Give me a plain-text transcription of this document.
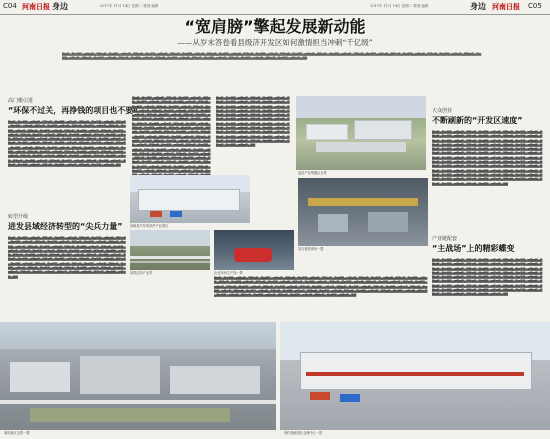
C04 河南日报 身边	2017年 11月 14日 星期二 策划 编辑	2017年 11月 14日 星期二 策划 编辑	身边 河南日报 C05
“宽肩膀”擎起发展新动能
——从岁末答卷看县级济开发区如何激情担当冲刺“千亿级”
▇▆▇▅▇▆▇▇▅▆▇▆▇▅▇▇▆▇▅▇▆▇▇▅▆▇▆▇▅▇▇▆▇▅▇▆▇▇▅▆▇▆▇▅▇▇▆▇▅▇▆▇▇▅▆▇▆▇▅▇▇▆▇▅▇▆▇▇▅▆▇▆▇▅▇▇▆▇▅▇▆▇▇▅▆▇▆▇▅▇▇▆▇▅▇▆▇▇▅▆▇▆▇▅▇▇▆▇▅▇▆▇▇▅▆▇▆▇▅▇▇▆▇▅▇▆▇▇▅▆▇▆▇▅▇▇▆▇▅▇▆▇▇▅▆▇▆▇▅▇▇▆▇▅▇▆▇▇▅▆▇▆▇▅▇▇▆▇▅▇▆▇▇▅▆▇▆▇▅▇▇▆▇▅▇▆▇▇▅▆▇▆▇▅▇▇▆▇▅▇▆▇▇▅▆▇▆▇▅▇▇▆▇▅▇▆▇▇▅▆▇▆▇▅▇▇▆▇▅▇▆▇▇▅▆▇▆▇▅▇▇▆▇▅▇▆▇▇▅▆▇▆▇▅▇▇▆▇▅▇▆▇▇▅▆▇▆▇▅▇▇
高门槛引进
“环保不过关，再挣钱的项目也不要”
▇▆▇▅▇▆▇▇▅▆▇▆▇▅▇▇▆▇▅▇▆▇▇▅▆▇▆▇▅▇▇▆▇▅▇▆▇▇▅▆▇▆▇▅▇▇▆▇▅▇▆▇▇▅▆▇▆▇▅▇▇▆▇▅▇▆▇▇▅▆▇▆▇▅▇▇▆▇▅▇▆▇▇▅▆▇▆▇▅▇▇▆▇▅▇▆▇▇▅▆▇▆▇▅▇▇▆▇▅▇▆▇▇▅▆▇▆▇▅▇▇▆▇▅▇▆▇▇▅▆▇▆▇▅▇▇▆▇▅▇▆▇▇▅▆▇▆▇▅▇▇▆▇▅▇▆▇▇▅▆▇▆▇▅▇▇▆▇▅▇▆▇▇▅▆▇▆▇▅▇▇▆▇▅▇▆▇▇▅▆▇▆▇▅▇▇▆▇▅▇▆▇▇▅▆▇▆▇▅▇▇▆▇▅▇▆▇▇▅▆▇▆▇▅▇▇▆▇▅▇▆▇▇▅▆▇▆▇▅▇▇▆▇▅▇▆▇▇▅▆▇▆▇▅▇▇▆▇▅▇▆▇▇▅▆▇▆▇▅▇▇▆▇▅▇▆▇▇▅▆▇▆▇▅▇▇▆▇▅▇▆▇▇▅▆▇▆▇▅▇▇▆▇▅▇▆▇▇▅▆▇▆▇▅▇▇▆▇▅▇▆▇▇▅▆▇▆▇▅▇▇▆▇▅▇▆▇▇▅▆▇▆▇▅▇▇▆▇▅▇▆▇▇▅▆▇▆▇▅▇▇▆▇▅▇▆▇▇▅▆▇▆▇▅▇▇▆▇▅▇▆▇▇▅▆▇▆▇▅▇▇▆▇▅▇▆▇▇▅▆▇▆▇▅▇▇▆▇▅▇▆▇▇▅▆▇▆▇▅▇▇▆▇▅▇▆▇▇▅▆▇▆▇▅▇▇▆▇▅▇▆▇▇▅▆▇▆▇▅▇▇▆▇▅▇▆▇▇▅▆▇▆▇▅▇▇▆▇▅▇▆▇▇▅▆▇▆▇▅▇▇▆▇▅▇▆▇▇▅▆▇▆▇▅▇▇▆▇▅▇▆▇▇▅▆▇▆▇▅▇▇▆▇▅▇▆▇▇▅▆▇▆▇▅▇▇
转型升级
进发县域经济转型的“尖兵力量”
▇▆▇▅▇▆▇▇▅▆▇▆▇▅▇▇▆▇▅▇▆▇▇▅▆▇▆▇▅▇▇▆▇▅▇▆▇▇▅▆▇▆▇▅▇▇▆▇▅▇▆▇▇▅▆▇▆▇▅▇▇▆▇▅▇▆▇▇▅▆▇▆▇▅▇▇▆▇▅▇▆▇▇▅▆▇▆▇▅▇▇▆▇▅▇▆▇▇▅▆▇▆▇▅▇▇▆▇▅▇▆▇▇▅▆▇▆▇▅▇▇▆▇▅▇▆▇▇▅▆▇▆▇▅▇▇▆▇▅▇▆▇▇▅▆▇▆▇▅▇▇▆▇▅▇▆▇▇▅▆▇▆▇▅▇▇▆▇▅▇▆▇▇▅▆▇▆▇▅▇▇▆▇▅▇▆▇▇▅▆▇▆▇▅▇▇▆▇▅▇▆▇▇▅▆▇▆▇▅▇▇▆▇▅▇▆▇▇▅▆▇▆▇▅▇▇▆▇▅▇▆▇▇▅▆▇▆▇▅▇▇▆▇▅▇▆▇▇▅▆▇▆▇▅▇▇▆▇▅▇▆▇▇▅▆▇▆▇▅▇▇▆▇▅▇▆▇▇▅▆▇▆▇▅▇▇▆▇▅▇▆▇▇▅▆▇▆▇▅▇▇▆▇▅▇▆▇▇▅▆▇▆▇▅▇▇▆▇▅▇▆▇▇▅▆▇▆▇▅▇▇▆▇▅▇▆▇▇▅▆▇▆▇▅▇▇▆▇▅▇▆▇▇▅▆▇▆▇▅▇▇▆▇▅▇▆▇▇▅▆▇▆▇▅▇▇▆▇▅▇▆▇▇▅▆▇▆▇▅▇▇▆▇▅▇▆▇▇▅▆▇▆▇▅▇▇▆▇▅▇▆▇▇▅▆▇▆▇▅▇▇▆▇▅▇▆▇▇▅▆▇▆▇▅▇▇
▇▆▇▅▇▆▇▇▅▆▇▆▇▅▇▇▆▇▅▇▆▇▇▅▆▇▆▇▅▇▇▆▇▅▇▆▇▇▅▆▇▆▇▅▇▇▆▇▅▇▆▇▇▅▆▇▆▇▅▇▇▆▇▅▇▆▇▇▅▆▇▆▇▅▇▇▆▇▅▇▆▇▇▅▆▇▆▇▅▇▇▆▇▅▇▆▇▇▅▆▇▆▇▅▇▇▆▇▅▇▆▇▇▅▆▇▆▇▅▇▇▆▇▅▇▆▇▇▅▆▇▆▇▅▇▇▆▇▅▇▆▇▇▅▆▇▆▇▅▇▇▆▇▅▇▆▇▇▅▆▇▆▇▅▇▇▆▇▅▇▆▇▇▅▆▇▆▇▅▇▇▆▇▅▇▆▇▇▅▆▇▆▇▅▇▇▆▇▅▇▆▇▇▅▆▇▆▇▅▇▇▆▇▅▇▆▇▇▅▆▇▆▇▅▇▇▆▇▅▇▆▇▇▅▆▇▆▇▅▇▇▆▇▅▇▆▇▇▅▆▇▆▇▅▇▇▆▇▅▇▆▇▇▅▆▇▆▇▅▇▇▆▇▅▇▆▇▇▅▆▇▆▇▅▇▇▆▇▅▇▆▇▇▅▆▇▆▇▅▇▇▆▇▅▇▆▇▇▅▆▇▆▇▅▇▇▆▇▅▇▆▇▇▅▆▇▆▇▅▇▇▆▇▅▇▆▇▇▅▆▇▆▇▅▇▇▆▇▅▇▆▇▇▅▆▇▆▇▅▇▇▆▇▅▇▆▇▇▅▆▇▆▇▅▇▇▆▇▅▇▆▇▇▅▆▇▆▇▅▇▇▆▇▅▇▆▇▇▅▆▇▆▇▅▇▇▆▇▅▇▆▇▇▅▆▇▆▇▅▇▇▆▇▅▇▆▇▇▅▆▇▆▇▅▇▇▆▇▅▇▆▇▇▅▆▇▆▇▅▇▇▆▇▅▇▆▇▇▅▆▇▆▇▅▇▇▆▇▅▇▆▇▇▅▆▇▆▇▅▇▇▆▇▅▇▆▇▇▅▆▇▆▇▅▇▇▆▇▅▇▆▇▇▅▆▇▆▇▅▇▇▆▇▅▇▆▇▇▅▆▇▆▇▅▇▇▆▇▅▇▆▇▇▅▆▇▆▇▅▇▇▆▇▅▇▆▇▇▅▆▇▆▇▅▇▇▆▇▅▇▆▇▇▅▆▇▆▇▅▇▇▆▇▅▇▆
▇▆▇▅▇▆▇▇▅▆▇▆▇▅▇▇▆▇▅▇▆▇▇▅▆▇▆▇▅▇▇▆▇▅▇▆▇▇▅▆▇▆▇▅▇▇▆▇▅▇▆▇▇▅▆▇▆▇▅▇▇▆▇▅▇▆▇▇▅▆▇▆▇▅▇▇▆▇▅▇▆▇▇▅▆▇▆▇▅▇▇▆▇▅▇▆▇▇▅▆▇▆▇▅▇▇▆▇▅▇▆▇▇▅▆▇▆▇▅▇▇▆▇▅▇▆▇▇▅▆▇▆▇▅▇▇▆▇▅▇▆▇▇▅▆▇▆▇▅▇▇▆▇▅▇▆▇▇▅▆▇▆▇▅▇▇▆▇▅▇▆▇▇▅▆▇▆▇▅▇▇▆▇▅▇▆▇▇▅▆▇▆▇▅▇▇▆▇▅▇▆▇▇▅▆▇▆▇▅▇▇▆▇▅▇▆▇▇▅▆▇▆▇▅▇▇▆▇▅▇▆▇▇▅▆▇▆▇▅▇▇▆▇▅▇▆▇▇▅▆▇▆▇▅▇▇▆▇▅▇▆▇▇▅▆▇▆▇▅▇▇▆▇▅▇▆▇▇▅▆▇▆▇▅▇▇▆▇▅▇▆▇▇▅▆▇▆▇▅▇▇▆▇▅▇▆▇▇▅▆▇▆▇▅▇▇▆▇▅▇▆▇▇▅▆▇▆▇▅▇▇▆▇▅▇▆▇▇▅▆▇▆▇▅▇▇
温县产业集聚区全景
西峡县汽车零部件产业园区
高铁沿线产业带	企业车间生产线一景
项目建设现场一瞥
▇▆▇▅▇▆▇▇▅▆▇▆▇▅▇▇▆▇▅▇▆▇▇▅▆▇▆▇▅▇▇▆▇▅▇▆▇▇▅▆▇▆▇▅▇▇▆▇▅▇▆▇▇▅▆▇▆▇▅▇▇▆▇▅▇▆▇▇▅▆▇▆▇▅▇▇▆▇▅▇▆▇▇▅▆▇▆▇▅▇▇▆▇▅▇▆▇▇▅▆▇▆▇▅▇▇▆▇▅▇▆▇▇▅▆▇▆▇▅▇▇▆▇▅▇▆▇▇▅▆▇▆▇▅▇▇▆▇▅▇▆▇▇▅▆▇▆▇▅▇▇▆▇▅▇▆▇▇▅▆▇▆▇▅▇▇▆▇▅▇▆▇▇▅▆▇▆▇▅▇▇▆▇▅▇▆▇▇▅▆▇▆▇▅▇▇▆▇▅▇▆▇▇▅▆▇▆▇▅▇▇▆▇▅▇▆▇▇▅▆▇▆▇▅▇▇▆▇▅▇▆▇▇▅▆▇▆▇▅▇▇▆▇▅▇▆▇▇▅▆▇▆▇▅▇▇▆▇▅▇▆▇▇▅▆▇▆▇▅▇▇▆▇▅▇▆▇▇▅▆▇▆▇▅▇▇▆▇▅▇▆▇▇▅▆▇▆▇▅▇▇▆▇▅▇▆▇▇▅▆▇▆▇▅▇▇▆▇▅▇▆▇▇▅▆▇▆▇▅▇▇▆▇▅▇▆▇▇▅▆▇▆▇▅▇▇▆▇▅▇▆▇▇▅▆▇▆▇▅▇▇▆▇▅▇▆▇▇▅▆▇▆▇▅▇▇▆▇▅▇▆▇▇▅▆▇▆▇▅▇▇▆▇▅▇▆▇▇▅▆▇▆▇▅▇▇
大众创业
不断刷新的“开发区速度”
▇▆▇▅▇▆▇▇▅▆▇▆▇▅▇▇▆▇▅▇▆▇▇▅▆▇▆▇▅▇▇▆▇▅▇▆▇▇▅▆▇▆▇▅▇▇▆▇▅▇▆▇▇▅▆▇▆▇▅▇▇▆▇▅▇▆▇▇▅▆▇▆▇▅▇▇▆▇▅▇▆▇▇▅▆▇▆▇▅▇▇▆▇▅▇▆▇▇▅▆▇▆▇▅▇▇▆▇▅▇▆▇▇▅▆▇▆▇▅▇▇▆▇▅▇▆▇▇▅▆▇▆▇▅▇▇▆▇▅▇▆▇▇▅▆▇▆▇▅▇▇▆▇▅▇▆▇▇▅▆▇▆▇▅▇▇▆▇▅▇▆▇▇▅▆▇▆▇▅▇▇▆▇▅▇▆▇▇▅▆▇▆▇▅▇▇▆▇▅▇▆▇▇▅▆▇▆▇▅▇▇▆▇▅▇▆▇▇▅▆▇▆▇▅▇▇▆▇▅▇▆▇▇▅▆▇▆▇▅▇▇▆▇▅▇▆▇▇▅▆▇▆▇▅▇▇▆▇▅▇▆▇▇▅▆▇▆▇▅▇▇▆▇▅▇▆▇▇▅▆▇▆▇▅▇▇▆▇▅▇▆▇▇▅▆▇▆▇▅▇▇▆▇▅▇▆▇▇▅▆▇▆▇▅▇▇▆▇▅▇▆▇▇▅▆▇▆▇▅▇▇▆▇▅▇▆▇▇▅▆▇▆▇▅▇▇▆▇▅▇▆▇▇▅▆▇▆▇▅▇▇▆▇▅▇▆▇▇▅▆▇▆▇▅▇▇▆▇▅▇▆▇▇▅▆▇▆▇▅▇▇▆▇▅▇▆▇▇▅▆▇▆▇▅▇▇▆▇▅▇▆▇▇▅▆▇▆▇▅▇▇▆▇▅▇▆▇▇▅▆▇▆▇▅▇▇▆▇▅▇▆▇▇▅▆▇▆▇▅▇▇▆▇▅▇▆▇▇▅▆▇▆▇▅▇▇▆▇▅▇▆▇▇▅▆▇▆▇▅▇▇▆▇▅▇▆▇▇▅▆▇▆▇▅▇▇▆▇▅▇▆▇▇▅▆▇▆▇▅▇▇▆▇▅▇▆▇▇▅▆▇▆▇▅▇▇▆▇▅▇▆▇▇▅▆▇▆▇▅▇▇▆▇▅▇▆▇▇▅▆▇▆▇▅▇▇▆▇▅▇▆▇▇▅▆▇▆▇▅▇▇
产业链配套
“主战场”上的精彩蝶变
▇▆▇▅▇▆▇▇▅▆▇▆▇▅▇▇▆▇▅▇▆▇▇▅▆▇▆▇▅▇▇▆▇▅▇▆▇▇▅▆▇▆▇▅▇▇▆▇▅▇▆▇▇▅▆▇▆▇▅▇▇▆▇▅▇▆▇▇▅▆▇▆▇▅▇▇▆▇▅▇▆▇▇▅▆▇▆▇▅▇▇▆▇▅▇▆▇▇▅▆▇▆▇▅▇▇▆▇▅▇▆▇▇▅▆▇▆▇▅▇▇▆▇▅▇▆▇▇▅▆▇▆▇▅▇▇▆▇▅▇▆▇▇▅▆▇▆▇▅▇▇▆▇▅▇▆▇▇▅▆▇▆▇▅▇▇▆▇▅▇▆▇▇▅▆▇▆▇▅▇▇▆▇▅▇▆▇▇▅▆▇▆▇▅▇▇▆▇▅▇▆▇▇▅▆▇▆▇▅▇▇▆▇▅▇▆▇▇▅▆▇▆▇▅▇▇▆▇▅▇▆▇▇▅▆▇▆▇▅▇▇▆▇▅▇▆▇▇▅▆▇▆▇▅▇▇▆▇▅▇▆▇▇▅▆▇▆▇▅▇▇▆▇▅▇▆▇▇▅▆▇▆▇▅▇▇▆▇▅▇▆▇▇▅▆▇▆▇▅▇▇▆▇▅▇▆▇▇▅▆▇▆▇▅▇▇▆▇▅▇▆▇▇▅▆▇▆▇▅▇▇▆▇▅▇▆▇▇▅▆▇▆▇▅▇▇▆▇▅▇▆▇▇▅▆▇▆▇▅▇▇▆▇▅▇▆▇▇▅▆▇▆▇▅▇▇▆▇▅▇▆▇▇▅▆▇▆▇▅▇▇
城市新区全景一瞥	现代物流园区仓储中心一景
